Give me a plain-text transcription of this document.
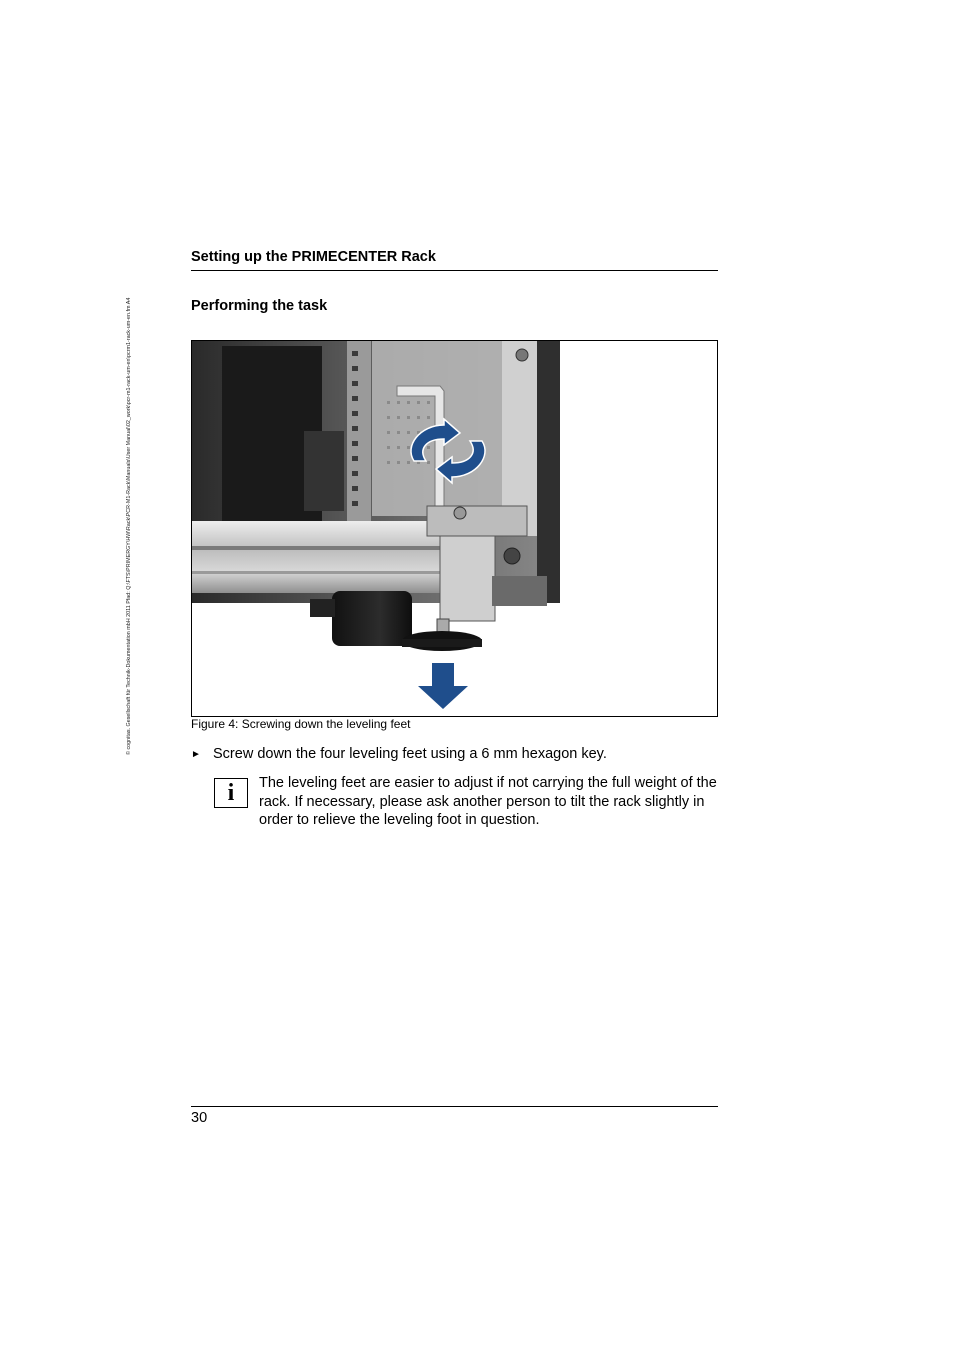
© cognitas. Gesellschaft für Technik-Dokumentation mbH 2011 Pfad: Q:\FTS\PRIMERGY\HW\Rack\PCR-M1-Rack\Manuals\User Manual\02_work\pcr-m1-rack-um-en\pcrm1-rack-um-en.fm A4
Setting up the PRIMECENTER Rack
Performing the task
Figure 4: Screwing down the leveling feet
► Screw down the four leveling feet using a 6 mm hexagon key.
i	The leveling feet are easier to adjust if not carrying the full weight of the rack. If necessary, please ask another person to tilt the rack slightly in order to relieve the leveling foot in question.
30
